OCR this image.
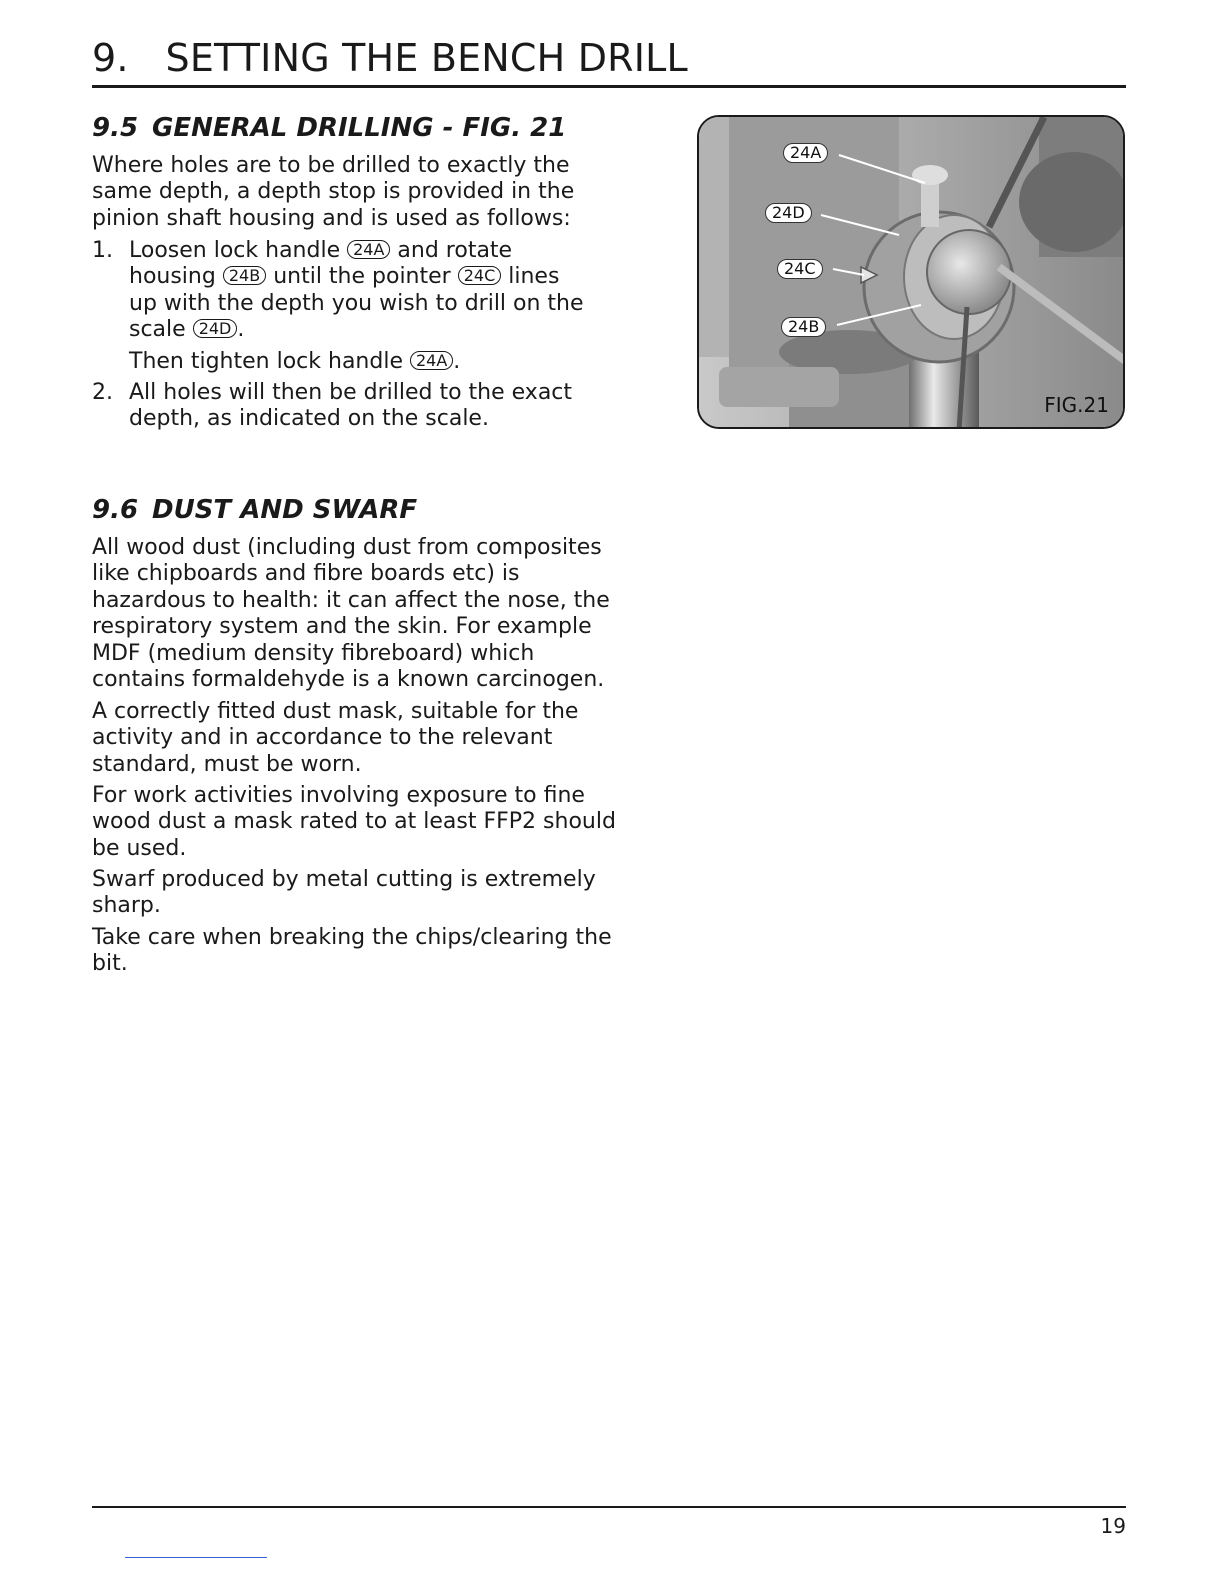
9.   SETTING THE BENCH DRILL
9.5 GENERAL DRILLING - FIG. 21
Where holes are to be drilled to exactly the
same depth, a depth stop is provided in the
pinion shaft housing and is used as follows:
1. Loosen lock handle 24A and rotate
housing 24B until the pointer 24C lines
up with the depth you wish to drill on the
scale 24D .
Then tighten lock handle 24A .
2. All holes will then be drilled to the exact
depth, as indicated on the scale.
24A
24D
24C
24B
FIG.21
9.6 DUST AND SWARF
All wood dust (including dust from composites
like chipboards and fibre boards etc) is
hazardous to health: it can affect the nose, the
respiratory system and the skin. For example
MDF (medium density fibreboard) which
contains formaldehyde is a known carcinogen.
A correctly fitted dust mask, suitable for the
activity and in accordance to the relevant
standard, must be worn.
For work activities involving exposure to fine
wood dust a mask rated to at least FFP2 should
be used.
Swarf produced by metal cutting is extremely
sharp.
Take care when breaking the chips/clearing the
bit.
19
